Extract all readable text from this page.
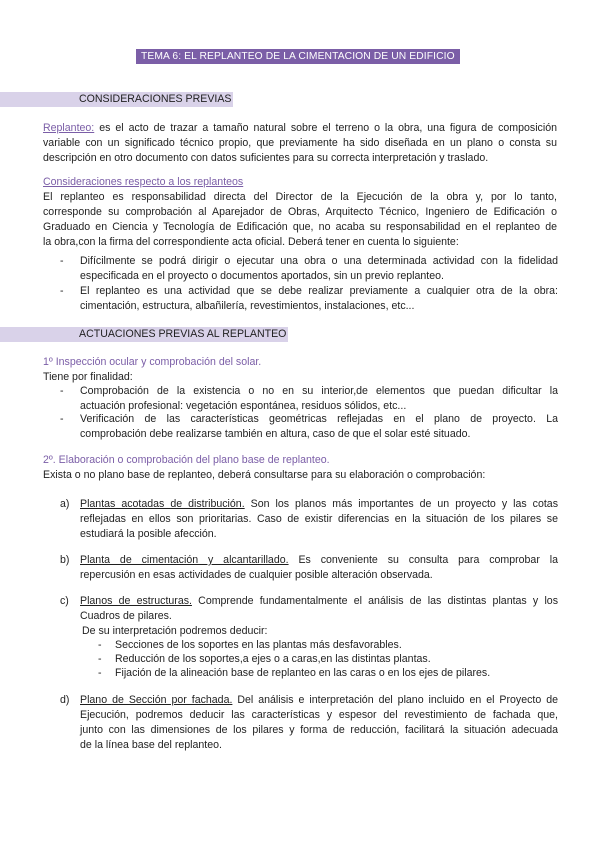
TEMA 6: EL REPLANTEO DE LA CIMENTACION DE UN EDIFICIO
CONSIDERACIONES PREVIAS
Replanteo: es el acto de trazar a tamaño natural sobre el terreno o la obra, una figura de composición
variable con un significado técnico propio, que previamente ha sido diseñada en un plano o consta su
descripción en otro documento con datos suficientes para su correcta interpretación y traslado.
Consideraciones respecto a los replanteos
El replanteo es responsabilidad directa del Director de la Ejecución de la obra y, por lo tanto,
corresponde su comprobación al Aparejador de Obras, Arquitecto Técnico, Ingeniero de Edificación o
Graduado en Ciencia y Tecnología de Edificación que, no acaba su responsabilidad en el replanteo de
la obra,con la firma del correspondiente acta oficial. Deberá tener en cuenta lo siguiente:
- Difícilmente se podrá dirigir o ejecutar una obra o una determinada actividad con la fidelidad
especificada en el proyecto o documentos aportados, sin un previo replanteo.
- El replanteo es una actividad que se debe realizar previamente a cualquier otra de la obra:
cimentación, estructura, albañilería, revestimientos, instalaciones, etc...
ACTUACIONES PREVIAS AL REPLANTEO
1º Inspección ocular y comprobación del solar.
Tiene por finalidad:
- Comprobación de la existencia o no en su interior,de elementos que puedan dificultar la
actuación profesional: vegetación espontánea, residuos sólidos, etc...
- Verificación de las características geométricas reflejadas en el plano de proyecto. La
comprobación debe realizarse también en altura, caso de que el solar esté situado.
2º. Elaboración o comprobación del plano base de replanteo.
Exista o no plano base de replanteo, deberá consultarse para su elaboración o comprobación:
a) Plantas acotadas de distribución. Son los planos más importantes de un proyecto y las cotas
reflejadas en ellos son prioritarias. Caso de existir diferencias en la situación de los pilares se
estudiará la posible afección.
b) Planta de cimentación y alcantarillado. Es conveniente su consulta para comprobar la
repercusión en esas actividades de cualquier posible alteración observada.
c) Planos de estructuras. Comprende fundamentalmente el análisis de las distintas plantas y los
Cuadros de pilares.
De su interpretación podremos deducir:
- Secciones de los soportes en las plantas más desfavorables.
- Reducción de los soportes,a ejes o a caras,en las distintas plantas.
- Fijación de la alineación base de replanteo en las caras o en los ejes de pilares.
d) Plano de Sección por fachada. Del análisis e interpretación del plano incluido en el Proyecto de
Ejecución, podremos deducir las características y espesor del revestimiento de fachada que,
junto con las dimensiones de los pilares y forma de reducción, facilitará la situación adecuada
de la línea base del replanteo.
